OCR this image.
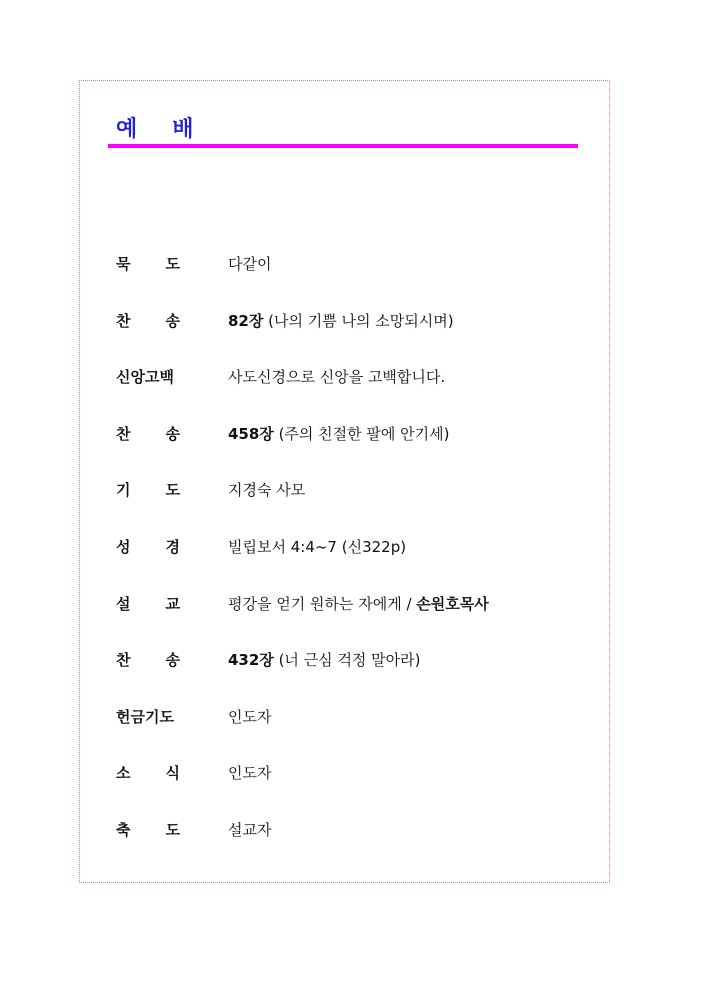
예 배
묵 도	다같이
찬 송	82장 (나의 기쁨 나의 소망되시며)
신앙고백	사도신경으로 신앙을 고백합니다.
찬 송	458장 (주의 친절한 팔에 안기세)
기 도	지경숙 사모
성 경	빌립보서 4:4~7 (신322p)
설 교	평강을 얻기 원하는 자에게 / 손원호목사
찬 송	432장 (너 근심 걱정 말아라)
헌금기도	인도자
소 식	인도자
축 도	설교자
